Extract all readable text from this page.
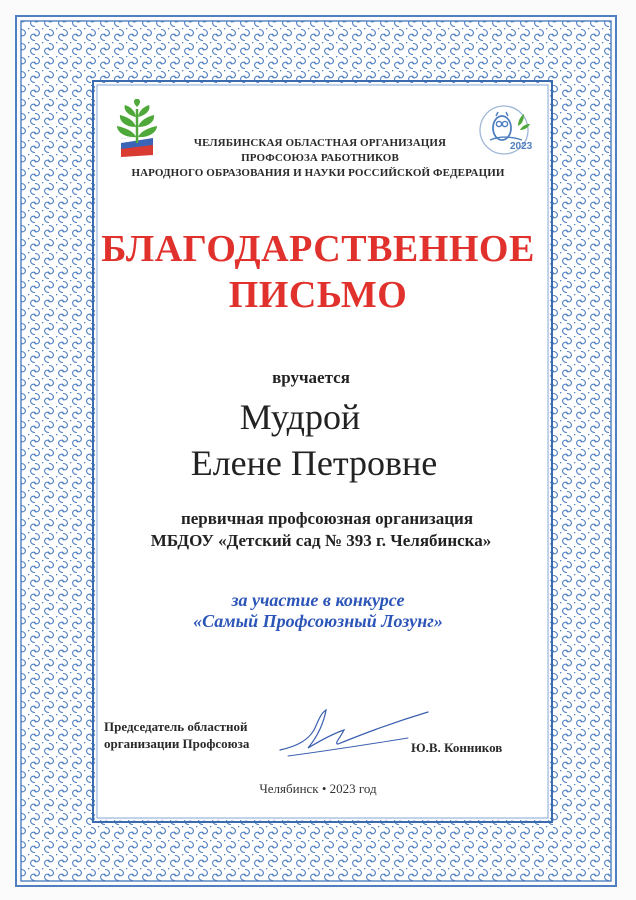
2023
ЧЕЛЯБИНСКАЯ ОБЛАСТНАЯ ОРГАНИЗАЦИЯ
ПРОФСОЮЗА РАБОТНИКОВ
НАРОДНОГО ОБРАЗОВАНИЯ И НАУКИ РОССИЙСКОЙ ФЕДЕРАЦИИ
БЛАГОДАРСТВЕННОЕ
ПИСЬМО
вручается
Мудрой
Елене Петровне
первичная профсоюзная организация
МБДОУ «Детский сад № 393 г. Челябинска»
за участие в конкурсе
«Самый Профсоюзный Лозунг»
Председатель областной
организации Профсоюза	Ю.В. Конников
Челябинск • 2023 год
